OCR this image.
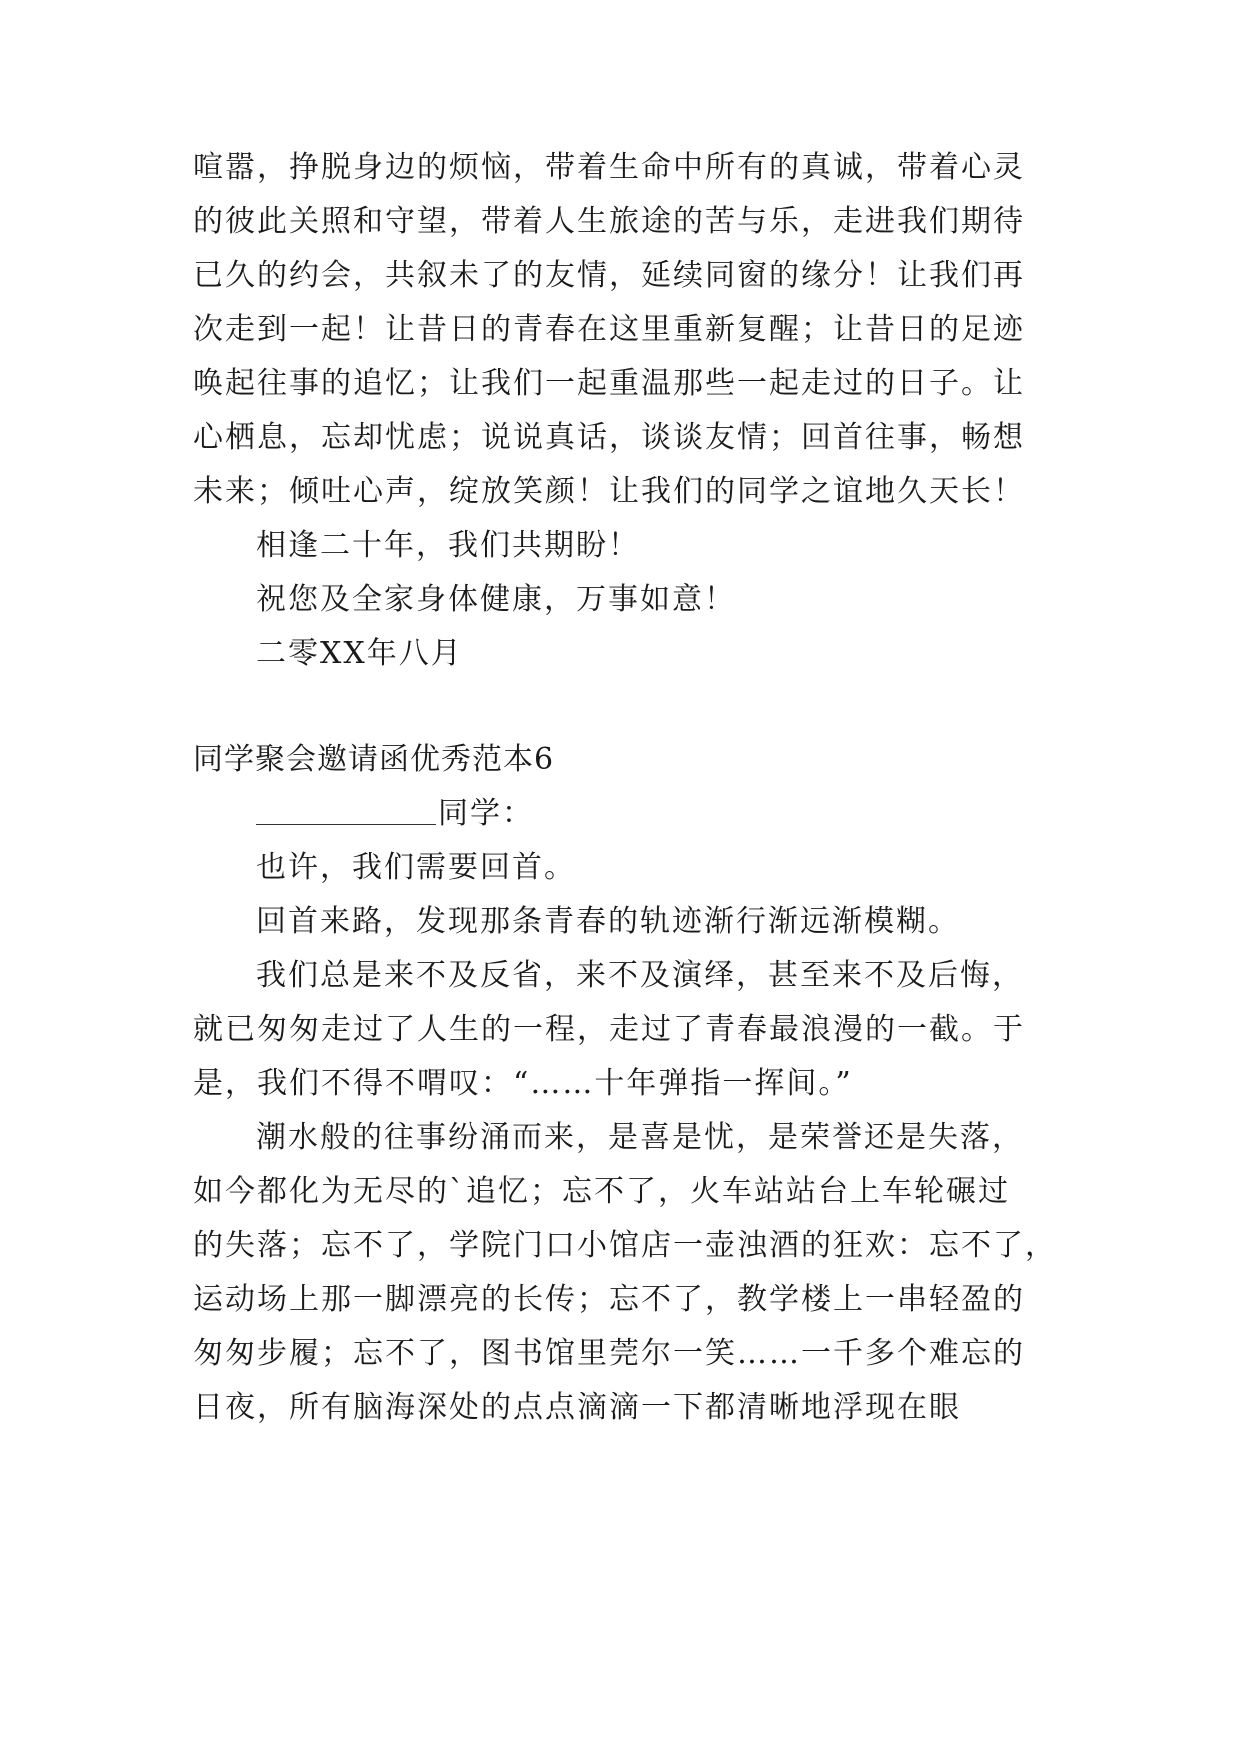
喧嚣，挣脱身边的烦恼，带着生命中所有的真诚，带着心灵

的彼此关照和守望，带着人生旅途的苦与乐，走进我们期待

已久的约会，共叙未了的友情，延续同窗的缘分！让我们再

次走到一起！让昔日的青春在这里重新复醒；让昔日的足迹

唤起往事的追忆；让我们一起重温那些一起走过的日子。让

心栖息，忘却忧虑；说说真话，谈谈友情；回首往事，畅想

未来；倾吐心声，绽放笑颜！让我们的同学之谊地久天长！

相逢二十年，我们共期盼！

祝您及全家身体健康，万事如意！

二零XX年八月

同学聚会邀请函优秀范本6

同学：

也许，我们需要回首。

回首来路，发现那条青春的轨迹渐行渐远渐模糊。

我们总是来不及反省，来不及演绎，甚至来不及后悔，

就已匆匆走过了人生的一程，走过了青春最浪漫的一截。于

是，我们不得不喟叹：“……十年弹指一挥间。”

潮水般的往事纷涌而来，是喜是忧，是荣誉还是失落，

如今都化为无尽的`追忆；忘不了，火车站站台上车轮碾过

的失落；忘不了，学院门口小馆店一壶浊酒的狂欢：忘不了，

运动场上那一脚漂亮的长传；忘不了，教学楼上一串轻盈的

匆匆步履；忘不了，图书馆里莞尔一笑……一千多个难忘的

日夜，所有脑海深处的点点滴滴一下都清晰地浮现在眼
